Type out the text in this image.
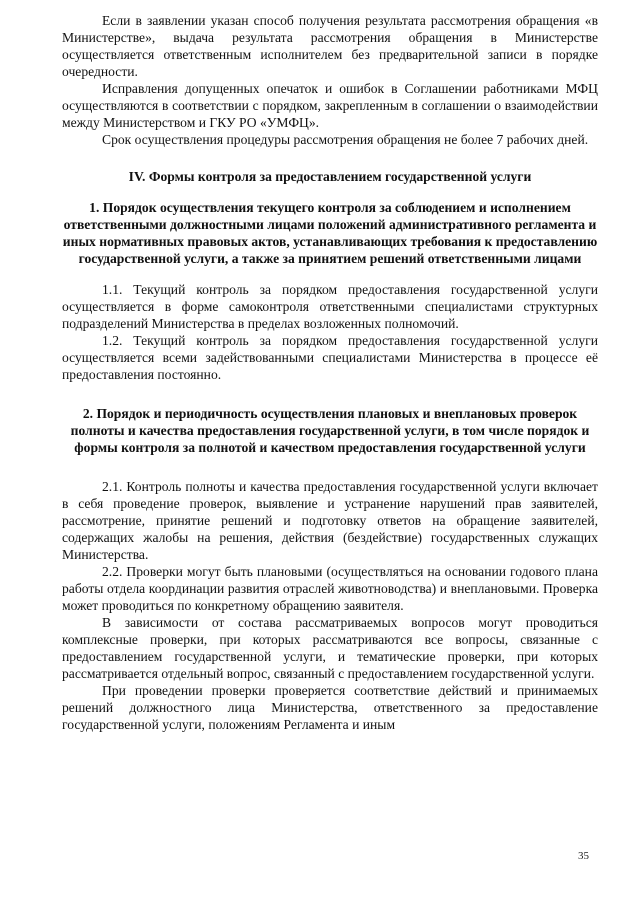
Если в заявлении указан способ получения результата рассмотрения обращения «в Министерстве», выдача результата рассмотрения обращения в Министерстве осуществляется ответственным исполнителем без предварительной записи в порядке очередности.

Исправления допущенных опечаток и ошибок в Соглашении работниками МФЦ осуществляются в соответствии с порядком, закрепленным в соглашении о взаимодействии между Министерством и ГКУ РО «УМФЦ».

Срок осуществления процедуры рассмотрения обращения не более 7 рабочих дней.

IV. Формы контроля за предоставлением государственной услуги
1. Порядок осуществления текущего контроля за соблюдением и исполнением ответственными должностными лицами положений административного регламента и иных нормативных правовых актов, устанавливающих требования к предоставлению государственной услуги, а также за принятием решений ответственными лицами

1.1. Текущий контроль за порядком предоставления государственной услуги осуществляется в форме самоконтроля ответственными специалистами структурных подразделений Министерства в пределах возложенных полномочий.

1.2. Текущий контроль за порядком предоставления государственной услуги осуществляется всеми задействованными специалистами Министерства в процессе её предоставления постоянно.

2. Порядок и периодичность осуществления плановых и внеплановых проверок полноты и качества предоставления государственной услуги, в том числе порядок и формы контроля за полнотой и качеством предоставления государственной услуги

2.1. Контроль полноты и качества предоставления государственной услуги включает в себя проведение проверок, выявление и устранение нарушений прав заявителей, рассмотрение, принятие решений и подготовку ответов на обращение заявителей, содержащих жалобы на решения, действия (бездействие) государственных служащих Министерства.

2.2. Проверки могут быть плановыми (осуществляться на основании годового плана работы отдела координации развития отраслей животноводства) и внеплановыми. Проверка может проводиться по конкретному обращению заявителя.

В зависимости от состава рассматриваемых вопросов могут проводиться комплексные проверки, при которых рассматриваются все вопросы, связанные с предоставлением государственной услуги, и тематические проверки, при которых рассматривается отдельный вопрос, связанный с предоставлением государственной услуги.

При проведении проверки проверяется соответствие действий и принимаемых решений должностного лица Министерства, ответственного за предоставление государственной услуги, положениям Регламента и иным

35
